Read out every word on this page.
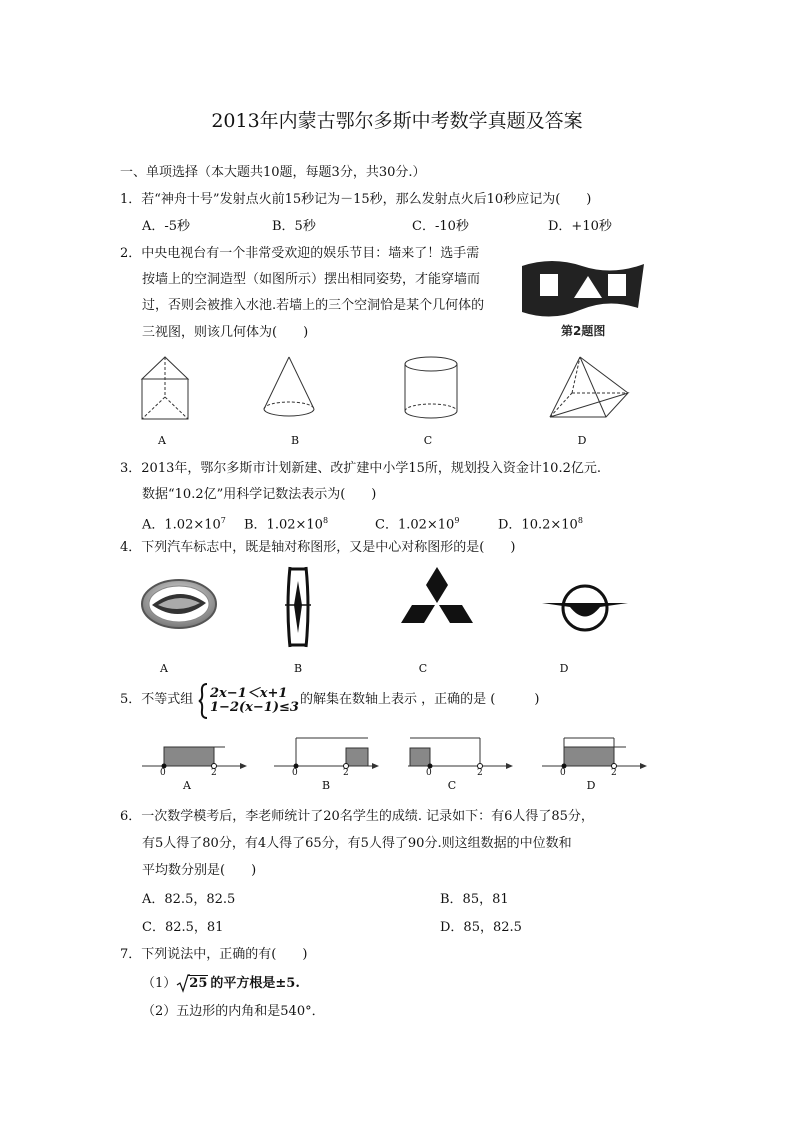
2013年内蒙古鄂尔多斯中考数学真题及答案
一、单项选择（本大题共10题，每题3分，共30分.）
1．若“神舟十号”发射点火前15秒记为－15秒，那么发射点火后10秒应记为(　　)
A．-5秒	B．5秒	C．-10秒	D．+10秒
2．中央电视台有一个非常受欢迎的娱乐节目：墙来了！选手需
按墙上的空洞造型（如图所示）摆出相同姿势，才能穿墙而
过，否则会被推入水池.若墙上的三个空洞恰是某个几何体的
三视图，则该几何体为(　　)	第2题图
A	B	C	D
3．2013年，鄂尔多斯市计划新建、改扩建中小学15所，规划投入资金计10.2亿元.
数据“10.2亿”用科学记数法表示为(　　)
A．$1.02\times 10^7$ B．$1.02\times 10^8$	C．$1.02\times 10^9$	D．$10.2\times 10^8$
4．下列汽车标志中，既是轴对称图形，又是中心对称图形的是(　　)
A	B	C	D
5．不等式组 2x−1＜x+1
1−2(x−1)≤3
的解集在数轴上表示 ，正确的是 (　　　)
0	2
A
0	2
B
0	2
C
0	2
D
6．一次数学模考后，李老师统计了20名学生的成绩. 记录如下：有6人得了85分，
有5人得了80分，有4人得了65分，有5人得了90分.则这组数据的中位数和
平均数分别是(　　)
A．82.5，82.5	B．85，81
C．82.5，81	D．85，82.5
7．下列说法中，正确的有(　　)
（1） 25 的平方根是±5.
（2）五边形的内角和是540°．
